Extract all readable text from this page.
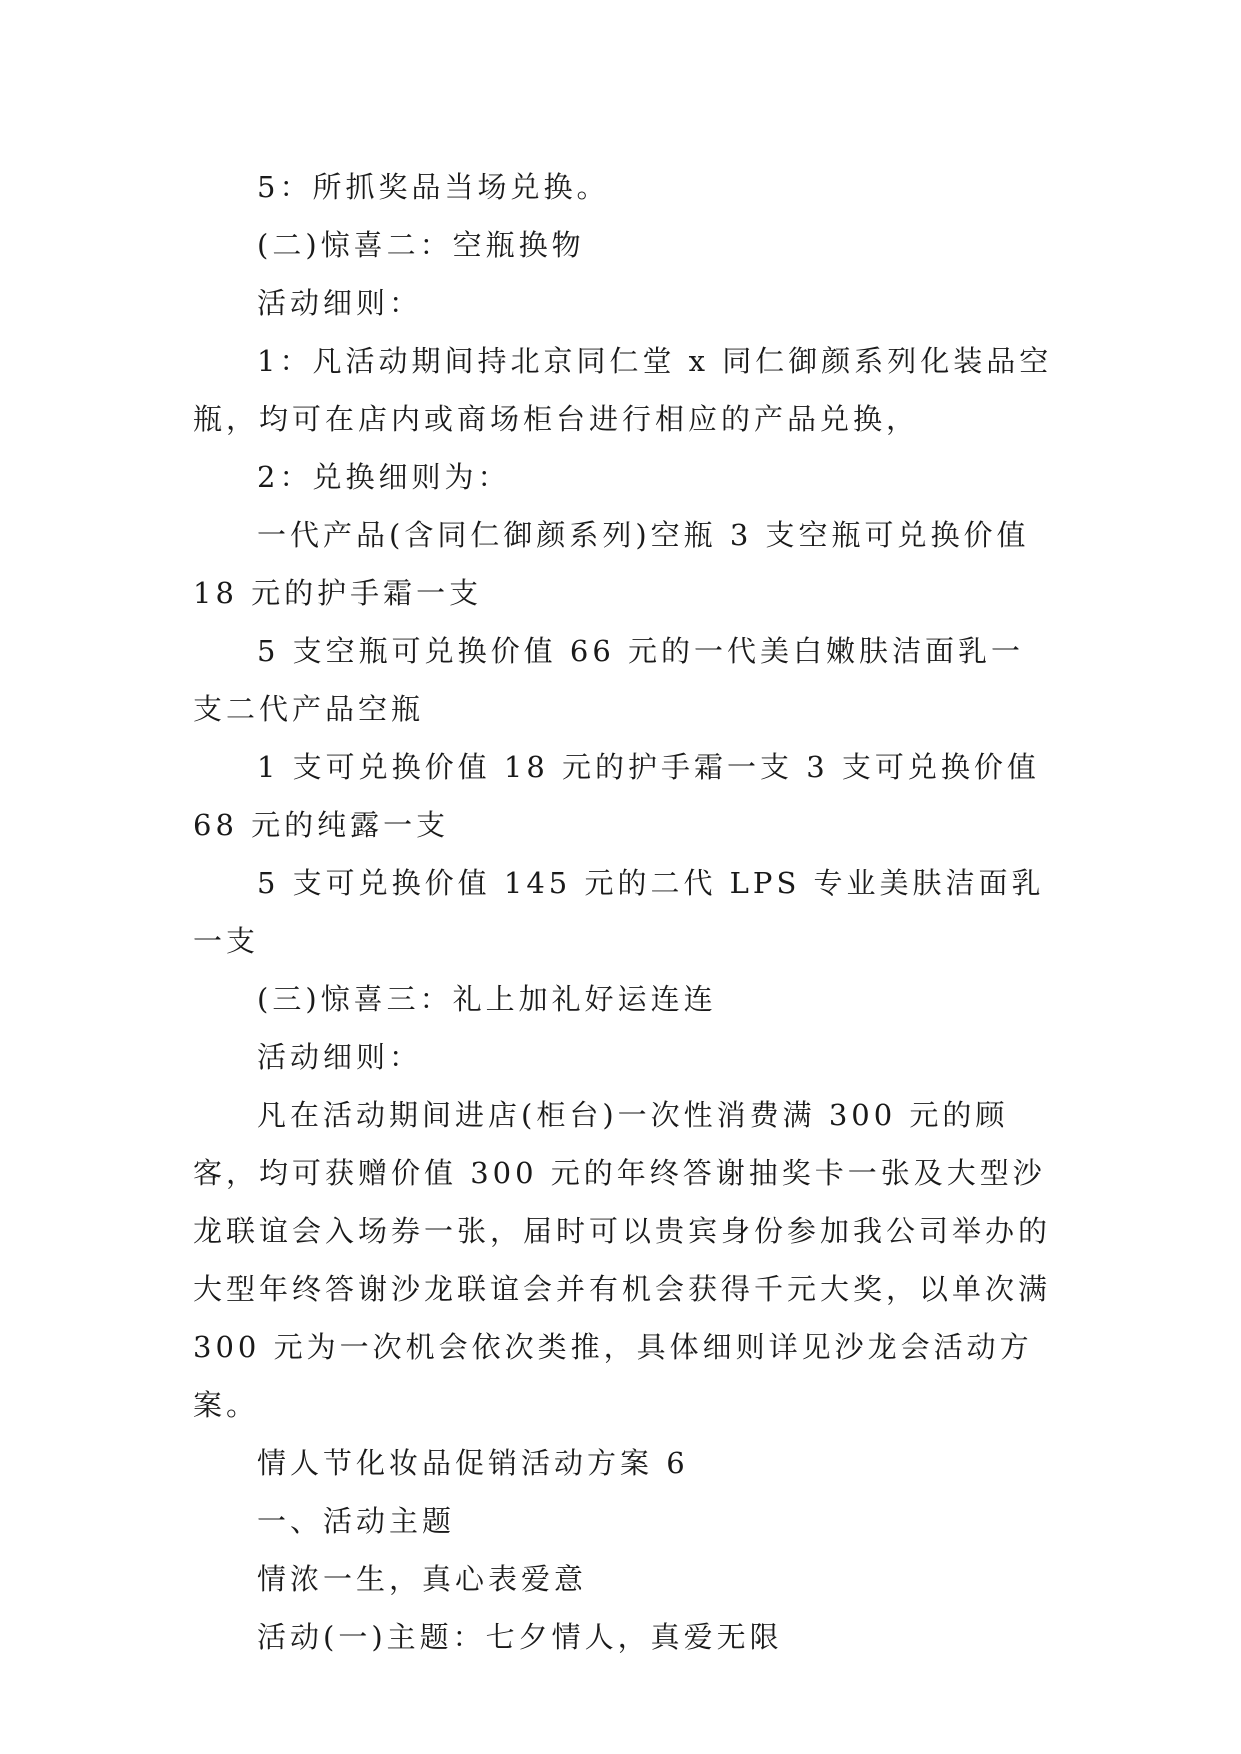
5：所抓奖品当场兑换。

(二)惊喜二：空瓶换物

活动细则：

1：凡活动期间持北京同仁堂 x 同仁御颜系列化装品空瓶，均可在店内或商场柜台进行相应的产品兑换，

2：兑换细则为：

一代产品(含同仁御颜系列)空瓶 3 支空瓶可兑换价值 18 元的护手霜一支

5 支空瓶可兑换价值 66 元的一代美白嫩肤洁面乳一支二代产品空瓶

1 支可兑换价值 18 元的护手霜一支 3 支可兑换价值 68 元的纯露一支

5 支可兑换价值 145 元的二代 LPS 专业美肤洁面乳一支

(三)惊喜三：礼上加礼好运连连

活动细则：

凡在活动期间进店(柜台)一次性消费满 300 元的顾客，均可获赠价值 300 元的年终答谢抽奖卡一张及大型沙龙联谊会入场券一张，届时可以贵宾身份参加我公司举办的大型年终答谢沙龙联谊会并有机会获得千元大奖，以单次满 300 元为一次机会依次类推，具体细则详见沙龙会活动方案。

情人节化妆品促销活动方案 6

一、活动主题

情浓一生，真心表爱意

活动(一)主题：七夕情人，真爱无限
